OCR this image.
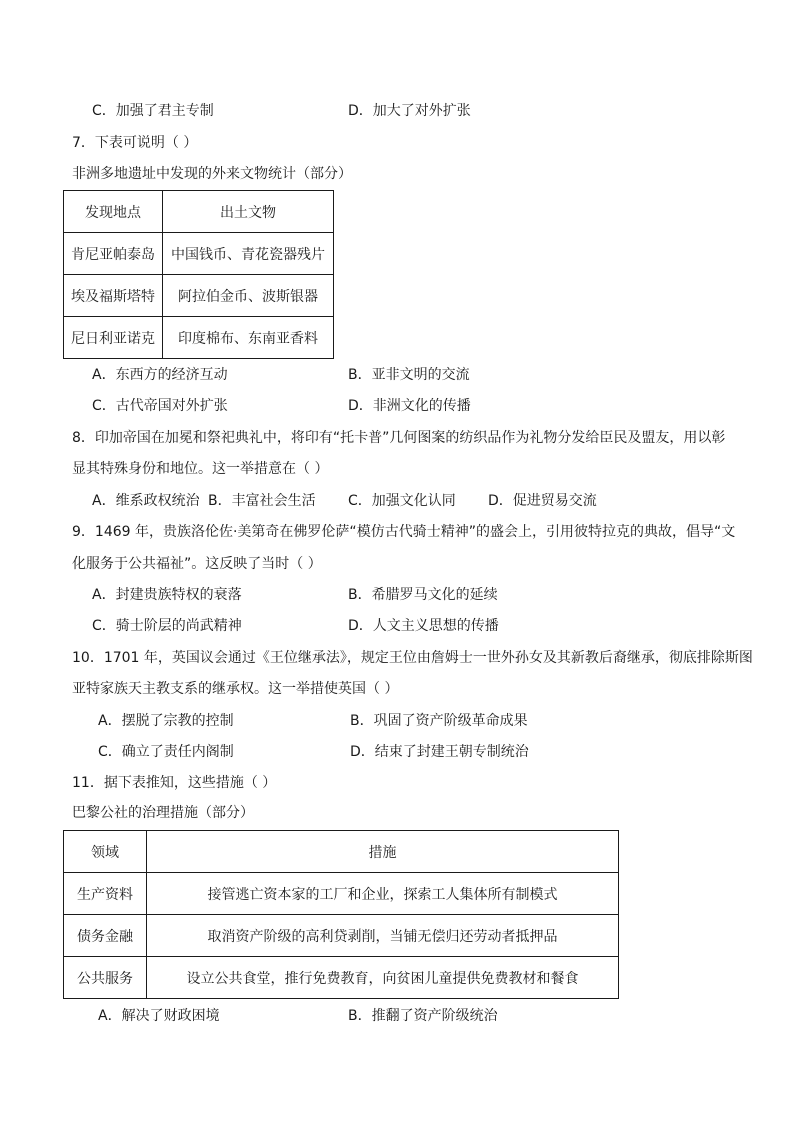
C．加强了君主专制	D．加大了对外扩张
7．下表可说明（ ）
非洲多地遗址中发现的外来文物统计（部分）
发现地点	出土文物
肯尼亚帕泰岛	中国钱币、青花瓷器残片
埃及福斯塔特	阿拉伯金币、波斯银器
尼日利亚诺克	印度棉布、东南亚香料
A．东西方的经济互动	B．亚非文明的交流
C．古代帝国对外扩张	D．非洲文化的传播
8．印加帝国在加冕和祭祀典礼中，将印有“托卡普”几何图案的纺织品作为礼物分发给臣民及盟友，用以彰
显其特殊身份和地位。这一举措意在（ ）
A．维系政权统治 B．丰富社会生活 C．加强文化认同 D．促进贸易交流
9．1469 年，贵族洛伦佐·美第奇在佛罗伦萨“模仿古代骑士精神”的盛会上，引用彼特拉克的典故，倡导“文
化服务于公共福祉”。这反映了当时（ ）
A．封建贵族特权的衰落	B．希腊罗马文化的延续
C．骑士阶层的尚武精神	D．人文主义思想的传播
10．1701 年，英国议会通过《王位继承法》，规定王位由詹姆士一世外孙女及其新教后裔继承，彻底排除斯图
亚特家族天主教支系的继承权。这一举措使英国（ ）
A．摆脱了宗教的控制	B．巩固了资产阶级革命成果
C．确立了责任内阁制	D．结束了封建王朝专制统治
11．据下表推知，这些措施（ ）
巴黎公社的治理措施（部分）
领域	措施
生产资料	接管逃亡资本家的工厂和企业，探索工人集体所有制模式
债务金融	取消资产阶级的高利贷剥削，当铺无偿归还劳动者抵押品
公共服务	设立公共食堂，推行免费教育，向贫困儿童提供免费教材和餐食
A．解决了财政困境	B．推翻了资产阶级统治
